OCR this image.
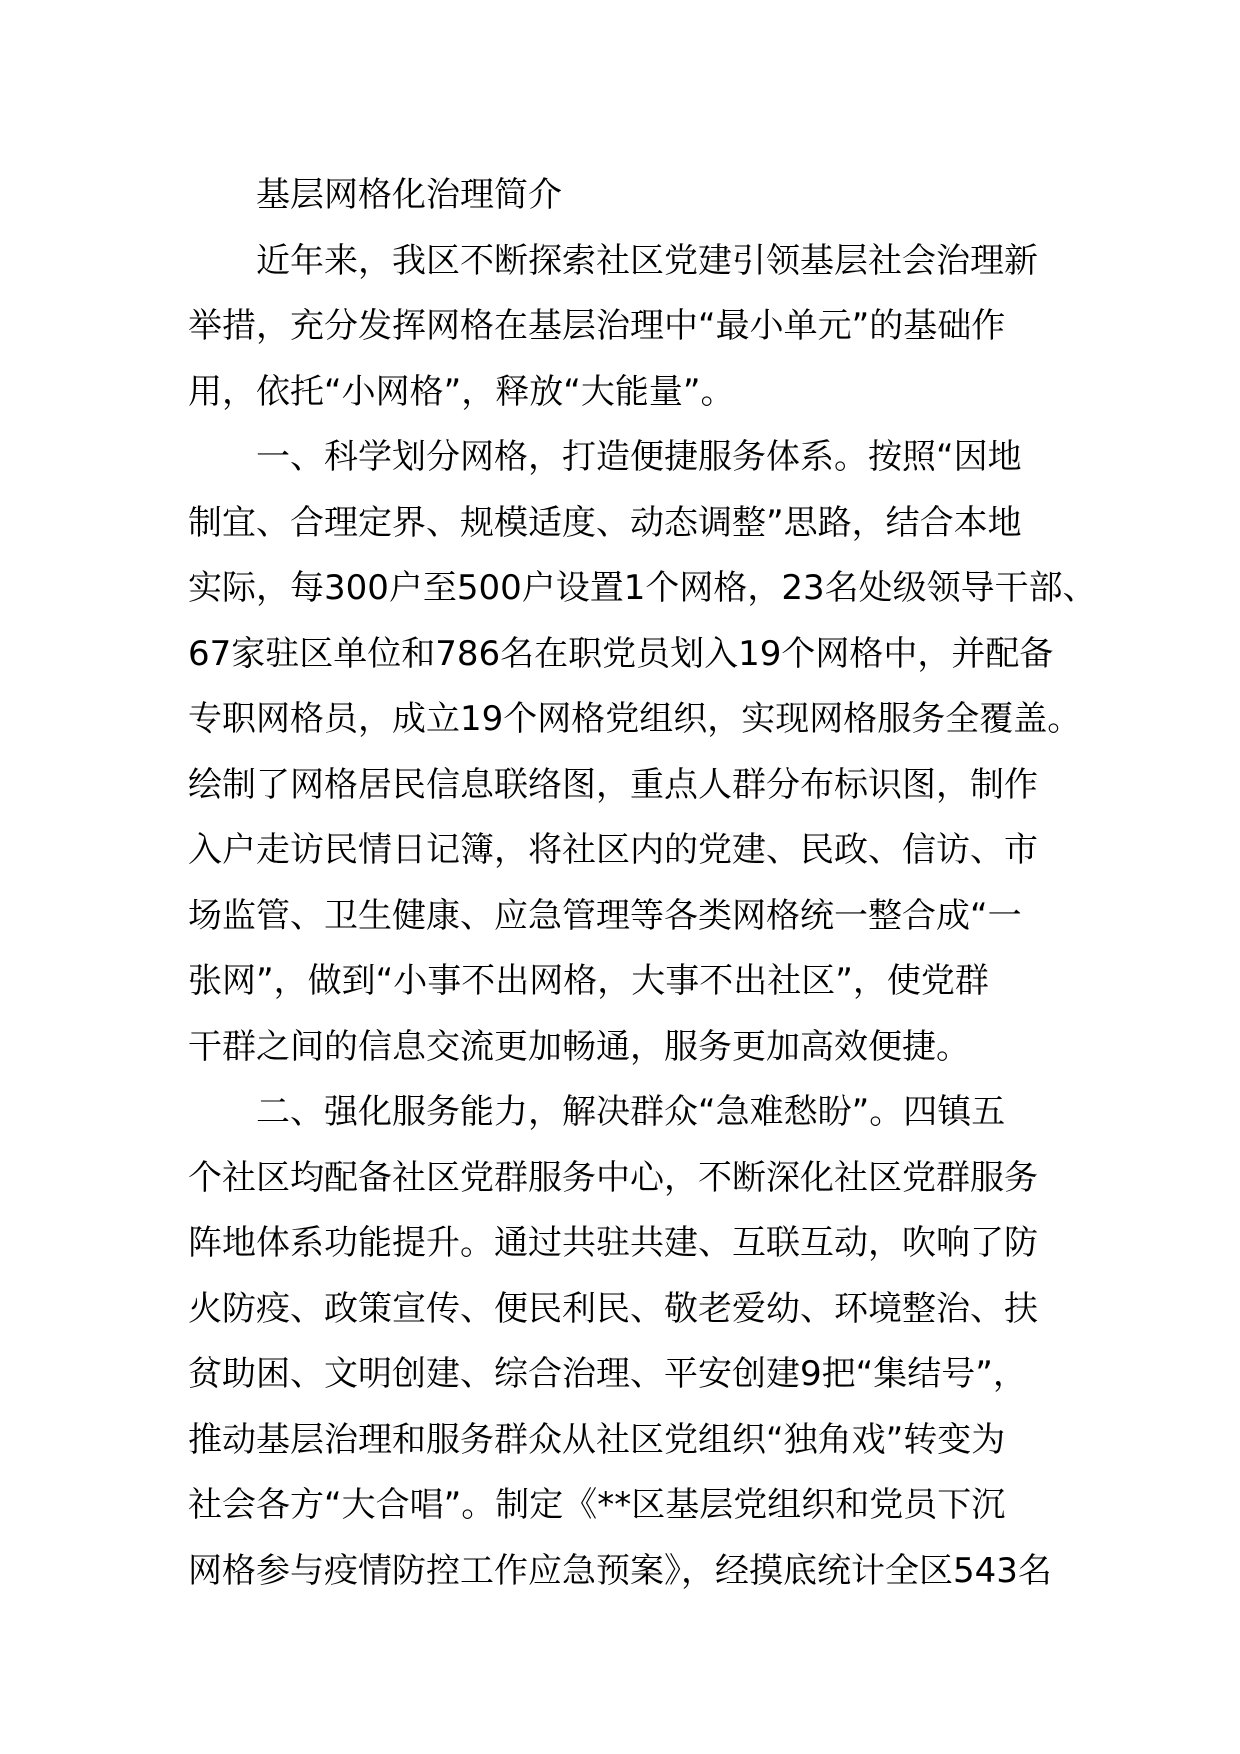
基层网格化治理简介
近年来，我区不断探索社区党建引领基层社会治理新
举措，充分发挥网格在基层治理中“最小单元”的基础作
用，依托“小网格”，释放“大能量”。
一、科学划分网格，打造便捷服务体系。按照“因地
制宜、合理定界、规模适度、动态调整”思路，结合本地
实际，每300户至500户设置1个网格，23名处级领导干部、
67家驻区单位和786名在职党员划入19个网格中，并配备
专职网格员，成立19个网格党组织，实现网格服务全覆盖。
绘制了网格居民信息联络图，重点人群分布标识图，制作
入户走访民情日记簿，将社区内的党建、民政、信访、市
场监管、卫生健康、应急管理等各类网格统一整合成“一
张网”，做到“小事不出网格，大事不出社区”，使党群
干群之间的信息交流更加畅通，服务更加高效便捷。
二、强化服务能力，解决群众“急难愁盼”。四镇五
个社区均配备社区党群服务中心，不断深化社区党群服务
阵地体系功能提升。通过共驻共建、互联互动，吹响了防
火防疫、政策宣传、便民利民、敬老爱幼、环境整治、扶
贫助困、文明创建、综合治理、平安创建9把“集结号”，
推动基层治理和服务群众从社区党组织“独角戏”转变为
社会各方“大合唱”。制定《**区基层党组织和党员下沉
网格参与疫情防控工作应急预案》，经摸底统计全区543名
